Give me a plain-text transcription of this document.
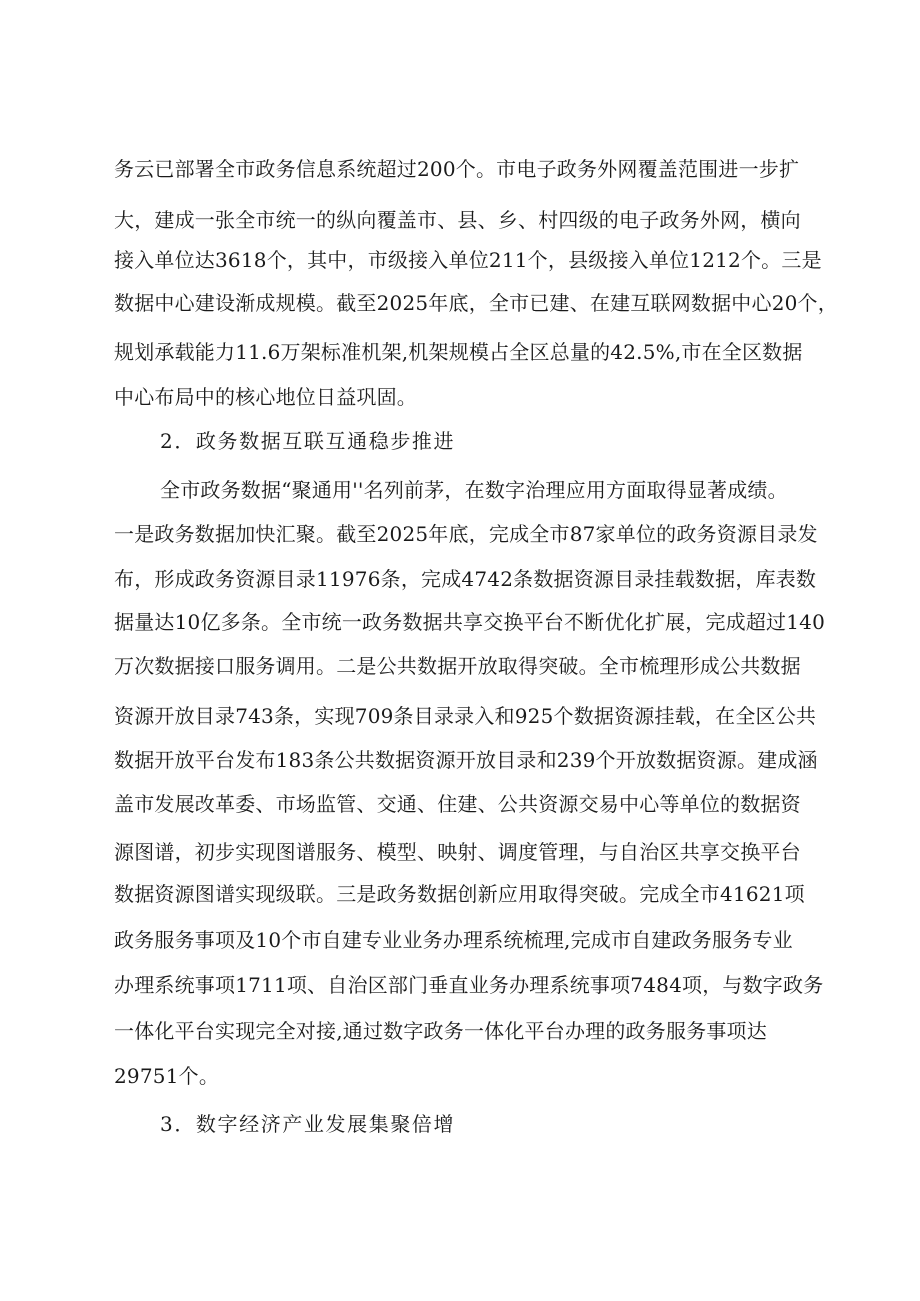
务云已部署全市政务信息系统超过200个。市电子政务外网覆盖范围进一步扩
大，建成一张全市统一的纵向覆盖市、县、乡、村四级的电子政务外网，横向
接入单位达3618个，其中，市级接入单位211个，县级接入单位1212个。三是
数据中心建设渐成规模。截至2025年底，全市已建、在建互联网数据中心20个，
规划承载能力11.6万架标准机架,机架规模占全区总量的42.5%,市在全区数据
中心布局中的核心地位日益巩固。
2．政务数据互联互通稳步推进
全市政务数据“聚通用''名列前茅，在数字治理应用方面取得显著成绩。
一是政务数据加快汇聚。截至2025年底，完成全市87家单位的政务资源目录发
布，形成政务资源目录11976条，完成4742条数据资源目录挂载数据，库表数
据量达10亿多条。全市统一政务数据共享交换平台不断优化扩展，完成超过140
万次数据接口服务调用。二是公共数据开放取得突破。全市梳理形成公共数据
资源开放目录743条，实现709条目录录入和925个数据资源挂载，在全区公共
数据开放平台发布183条公共数据资源开放目录和239个开放数据资源。建成涵
盖市发展改革委、市场监管、交通、住建、公共资源交易中心等单位的数据资
源图谱，初步实现图谱服务、模型、映射、调度管理，与自治区共享交换平台
数据资源图谱实现级联。三是政务数据创新应用取得突破。完成全市41621项
政务服务事项及10个市自建专业业务办理系统梳理,完成市自建政务服务专业
办理系统事项1711项、自治区部门垂直业务办理系统事项7484项，与数字政务
一体化平台实现完全对接,通过数字政务一体化平台办理的政务服务事项达
29751个。
3．数字经济产业发展集聚倍增
